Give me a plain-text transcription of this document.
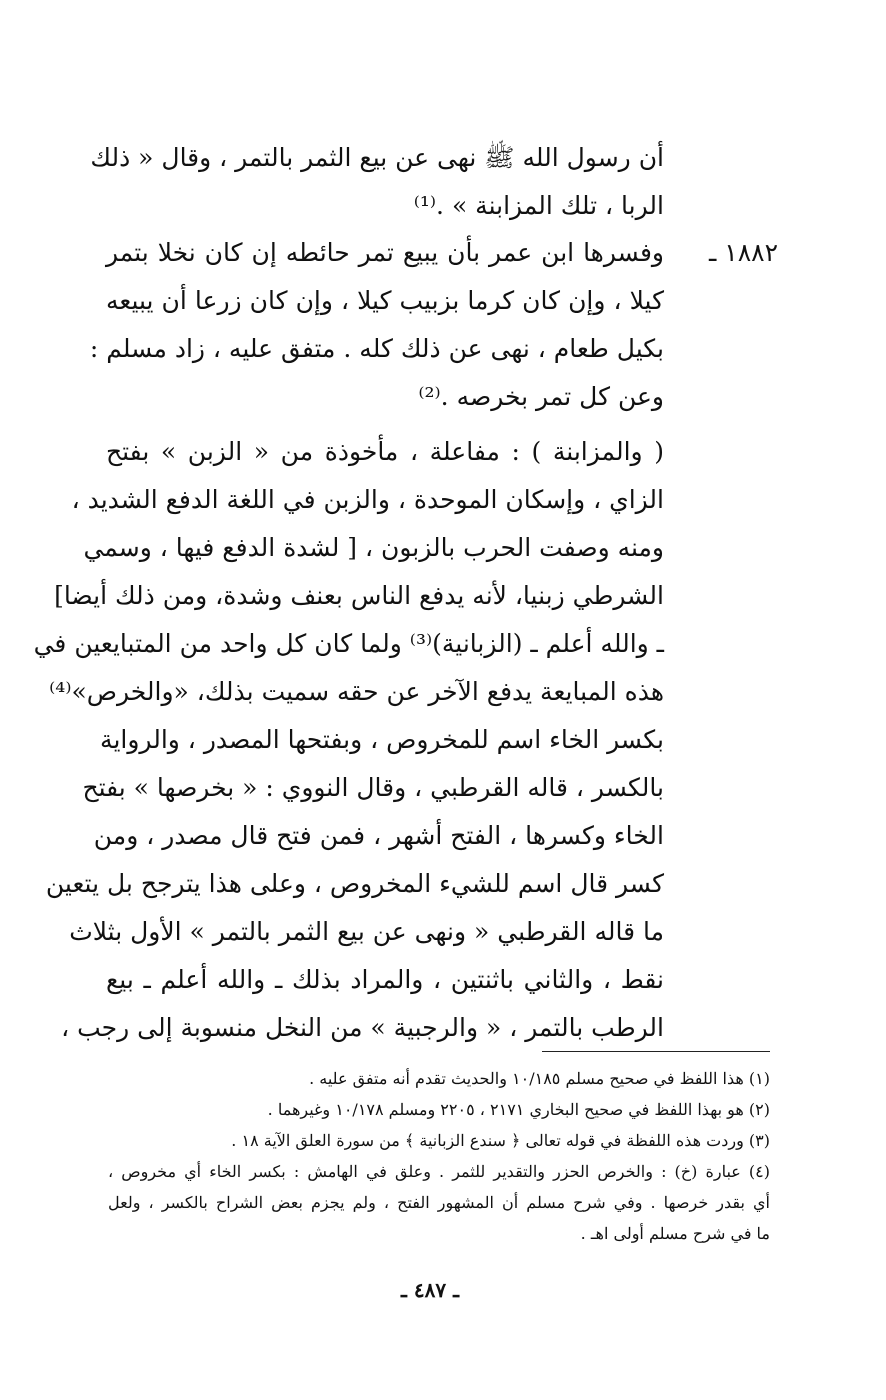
أن رسول الله ﷺ نهى عن بيع الثمر بالتمر ، وقال « ذلك
الربا ، تلك المزابنة » .⁽¹⁾
١٨٨٢ ـ
وفسرها ابن عمر بأن يبيع تمر حائطه إن كان نخلا بتمر
كيلا ، وإن كان كرما بزبيب كيلا ، وإن كان زرعا أن يبيعه
بكيل طعام ، نهى عن ذلك كله . متفق عليه ، زاد مسلم :
وعن كل تمر بخرصه .⁽²⁾
( والمزابنة ) : مفاعلة ، مأخوذة من « الزبن » بفتح
الزاي ، وإسكان الموحدة ، والزبن في اللغة الدفع الشديد ،
ومنه وصفت الحرب بالزبون ، [ لشدة الدفع فيها ، وسمي
الشرطي زبنيا، لأنه يدفع الناس بعنف وشدة، ومن ذلك أيضا]
ـ والله أعلم ـ (الزبانية)⁽³⁾ ولما كان كل واحد من المتبايعين في
هذه المبايعة يدفع الآخر عن حقه سميت بذلك، «والخرص»⁽⁴⁾
بكسر الخاء اسم للمخروص ، وبفتحها المصدر ، والرواية
بالكسر ، قاله القرطبي ، وقال النووي : « بخرصها » بفتح
الخاء وكسرها ، الفتح أشهر ، فمن فتح قال مصدر ، ومن
كسر قال اسم للشيء المخروص ، وعلى هذا يترجح بل يتعين
ما قاله القرطبي « ونهى عن بيع الثمر بالتمر » الأول بثلاث
نقط ، والثاني باثنتين ، والمراد بذلك ـ والله أعلم ـ بيع
الرطب بالتمر ، « والرجبية » من النخل منسوبة إلى رجب ،
(١) هذا اللفظ في صحيح مسلم ١٠/١٨٥ والحديث تقدم أنه متفق عليه .
(٢) هو بهذا اللفظ في صحيح البخاري ٢١٧١ ، ٢٢٠٥ ومسلم ١٠/١٧٨ وغيرهما .
(٣) وردت هذه اللفظة في قوله تعالى ﴿ سندع الزبانية ﴾ من سورة العلق الآية ١٨ .
(٤) عبارة (خ) : والخرص الحزر والتقدير للثمر . وعلق في الهامش : بكسر الخاء أي مخروص ،
أي بقدر خرصها . وفي شرح مسلم أن المشهور الفتح ، ولم يجزم بعض الشراح بالكسر ، ولعل
ما في شرح مسلم أولى اهـ .
ـ ٤٨٧ ـ
